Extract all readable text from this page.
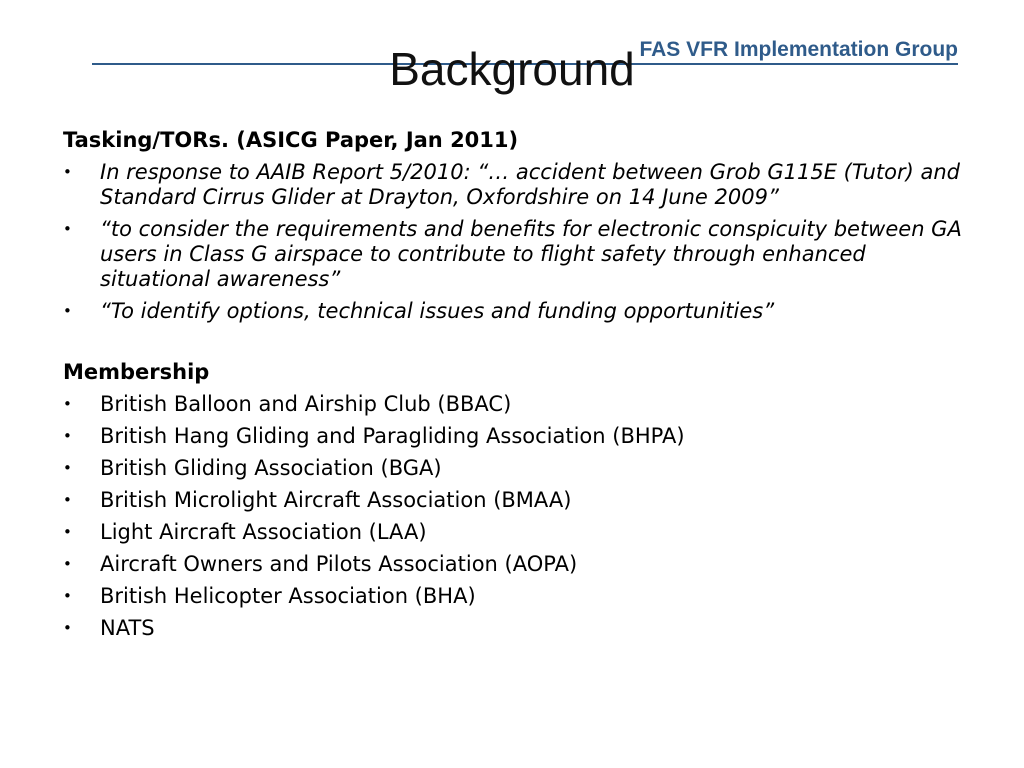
FAS VFR Implementation Group
Background
Tasking/TORs. (ASICG Paper, Jan 2011)
• In response to AAIB Report 5/2010: “… accident between Grob G115E (Tutor) and Standard Cirrus Glider at Drayton, Oxfordshire on 14 June 2009”
• “to consider the requirements and benefits for electronic conspicuity between GA users in Class G airspace to contribute to flight safety through enhanced situational awareness”
• “To identify options, technical issues and funding opportunities”
Membership
• British Balloon and Airship Club (BBAC)
• British Hang Gliding and Paragliding Association (BHPA)
• British Gliding Association (BGA)
• British Microlight Aircraft Association (BMAA)
• Light Aircraft Association (LAA)
• Aircraft Owners and Pilots Association (AOPA)
• British Helicopter Association (BHA)
• NATS
